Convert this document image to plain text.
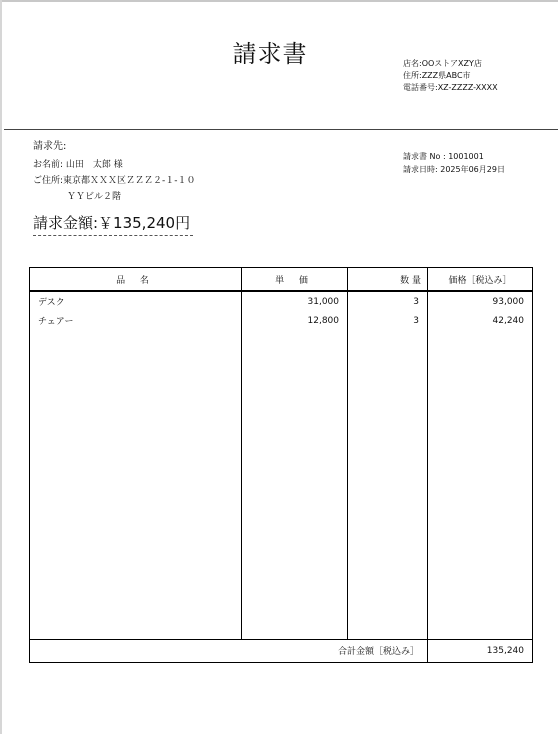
請求書	店名:OOストアXZY店
住所:ZZZ県ABC市
電話番号:XZ-ZZZZ-XXXX
請求先:
お名前: 山田　太郎 様
ご住所:東京都ＸＸＸ区ＺＺＺ２-１-１０
ＹＹビル２階
請求書 No : 1001001
請求日時: 2025年06月29日
請求金額:￥135,240円
品 名	単 価	数 量	価格［税込み］
デスク	31,000	3	93,000
チェアー	12,800	3	42,240

合計金額［税込み］			135,240
